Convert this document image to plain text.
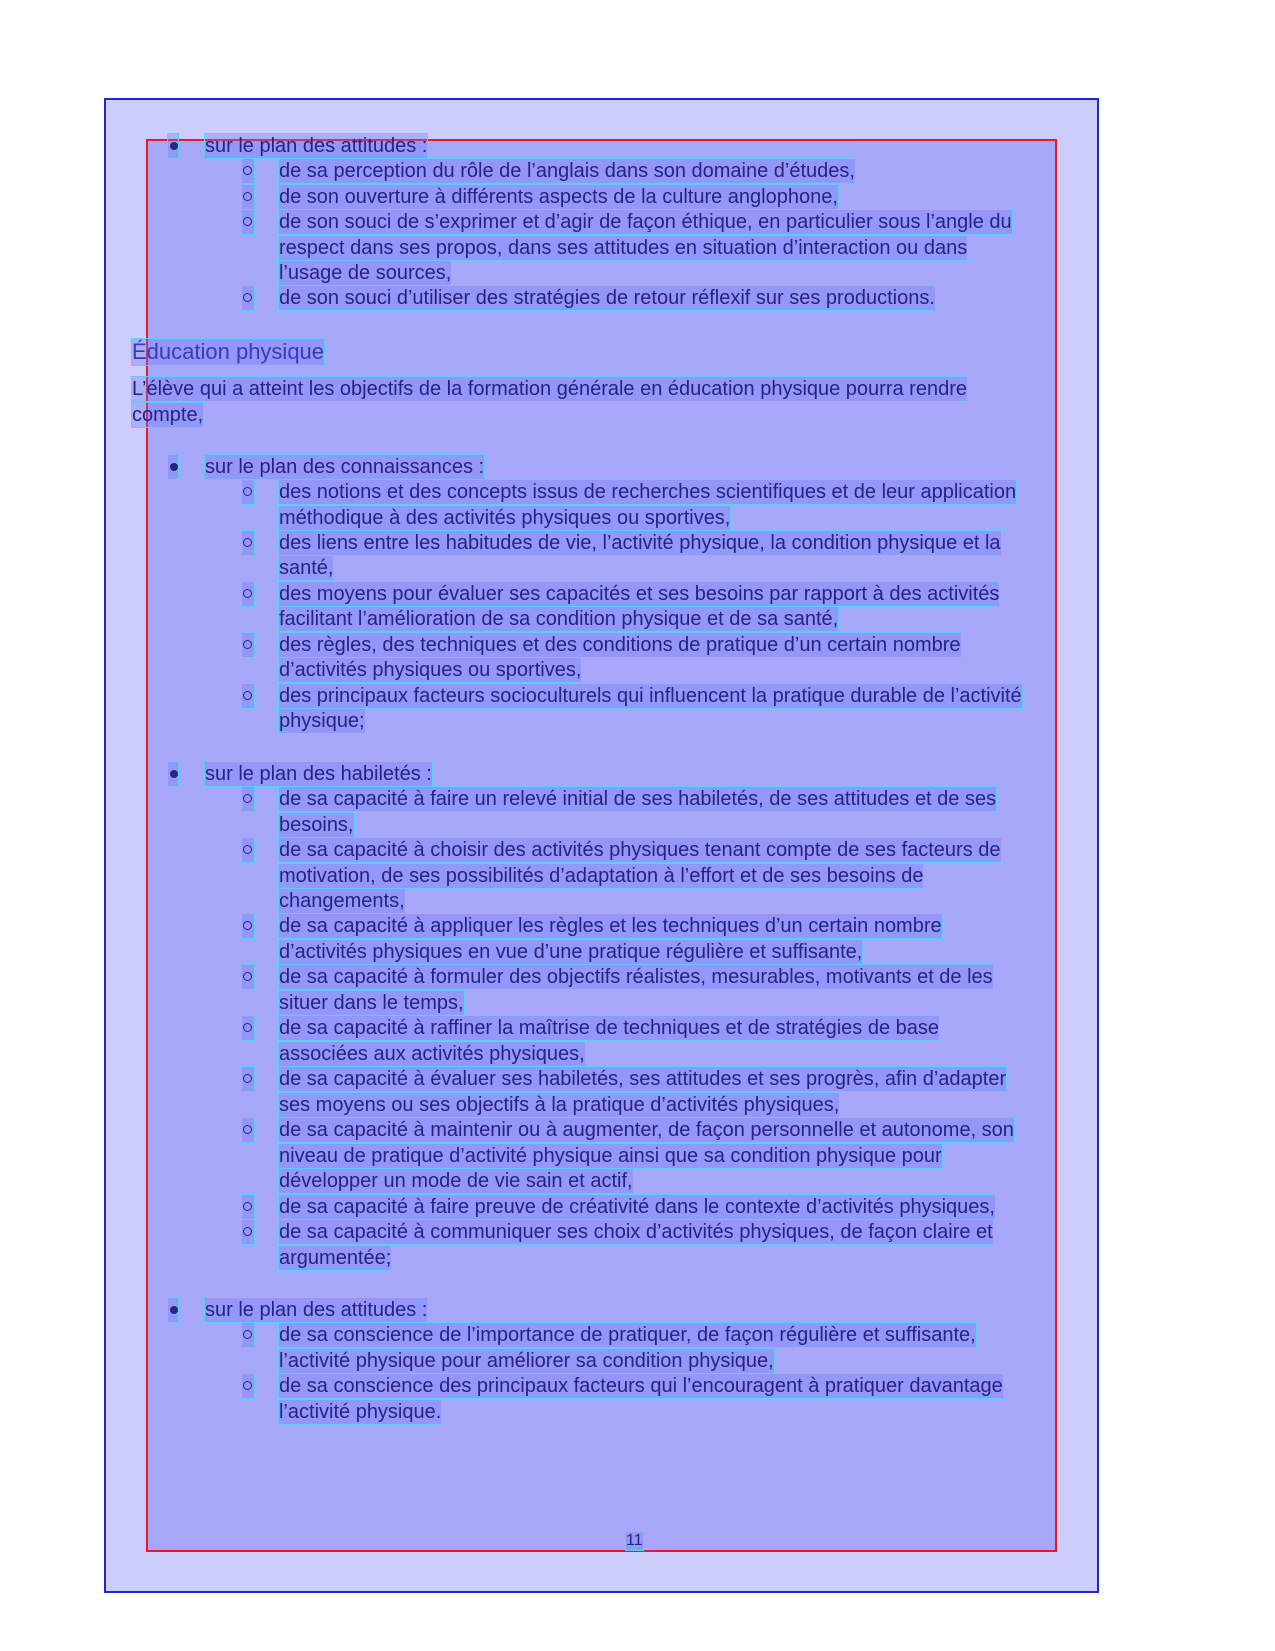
sur le plan des attitudes :
de sa perception du rôle de l’anglais dans son domaine d’études,
de son ouverture à différents aspects de la culture anglophone,
de son souci de s’exprimer et d’agir de façon éthique, en particulier sous l’angle du
respect dans ses propos, dans ses attitudes en situation d’interaction ou dans
l’usage de sources,
de son souci d’utiliser des stratégies de retour réflexif sur ses productions.
Éducation physique
L’élève qui a atteint les objectifs de la formation générale en éducation physique pourra rendre
compte,
sur le plan des connaissances :
des notions et des concepts issus de recherches scientifiques et de leur application
méthodique à des activités physiques ou sportives,
des liens entre les habitudes de vie, l’activité physique, la condition physique et la
santé,
des moyens pour évaluer ses capacités et ses besoins par rapport à des activités
facilitant l’amélioration de sa condition physique et de sa santé,
des règles, des techniques et des conditions de pratique d’un certain nombre
d’activités physiques ou sportives,
des principaux facteurs socioculturels qui influencent la pratique durable de l’activité
physique;
sur le plan des habiletés :
de sa capacité à faire un relevé initial de ses habiletés, de ses attitudes et de ses
besoins,
de sa capacité à choisir des activités physiques tenant compte de ses facteurs de
motivation, de ses possibilités d’adaptation à l’effort et de ses besoins de
changements,
de sa capacité à appliquer les règles et les techniques d’un certain nombre
d’activités physiques en vue d’une pratique régulière et suffisante,
de sa capacité à formuler des objectifs réalistes, mesurables, motivants et de les
situer dans le temps,
de sa capacité à raffiner la maîtrise de techniques et de stratégies de base
associées aux activités physiques,
de sa capacité à évaluer ses habiletés, ses attitudes et ses progrès, afin d’adapter
ses moyens ou ses objectifs à la pratique d’activités physiques,
de sa capacité à maintenir ou à augmenter, de façon personnelle et autonome, son
niveau de pratique d’activité physique ainsi que sa condition physique pour
développer un mode de vie sain et actif,
de sa capacité à faire preuve de créativité dans le contexte d’activités physiques,
de sa capacité à communiquer ses choix d’activités physiques, de façon claire et
argumentée;
sur le plan des attitudes :
de sa conscience de l’importance de pratiquer, de façon régulière et suffisante,
l’activité physique pour améliorer sa condition physique,
de sa conscience des principaux facteurs qui l’encouragent à pratiquer davantage
l’activité physique.
11
